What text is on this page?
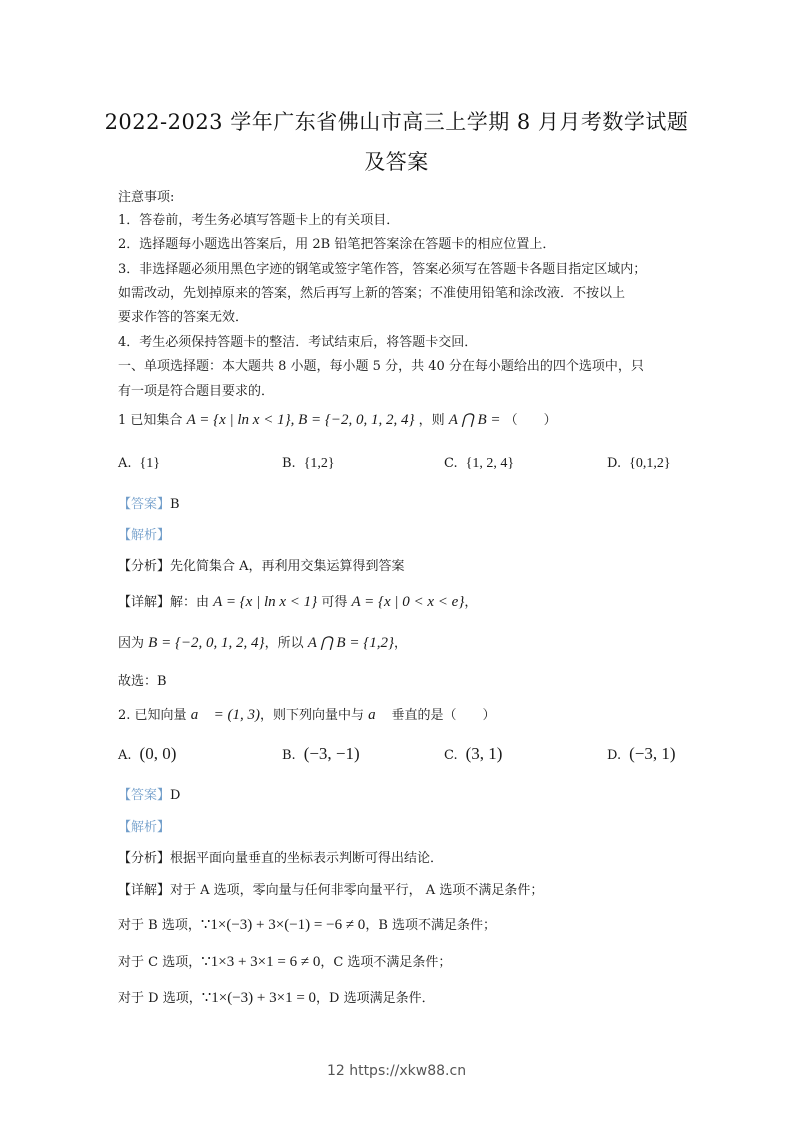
2022-2023 学年广东省佛山市高三上学期 8 月月考数学试题
及答案
注意事项:
1．答卷前，考生务必填写答题卡上的有关项目．
2．选择题每小题选出答案后，用 2B 铅笔把答案涂在答题卡的相应位置上．
3．非选择题必须用黑色字迹的钢笔或签字笔作答，答案必须写在答题卡各题目指定区域内；
如需改动，先划掉原来的答案，然后再写上新的答案；不准使用铅笔和涂改液．不按以上
要求作答的答案无效．
4．考生必须保持答题卡的整洁．考试结束后，将答题卡交回．
一、单项选择题：本大题共 8 小题，每小题 5 分，共 40 分在每小题给出的四个选项中，只
有一项是符合题目要求的．
1 已知集合 A = {x | ln x < 1}, B = {−2, 0, 1, 2, 4} ，则 A ⋂ B = （　　）
A. {1}	B. {1,2}	C. {1, 2, 4}	D. {0,1,2}
【答案】B
【解析】
【分析】先化简集合 A，再利用交集运算得到答案
【详解】解：由 A = {x | ln x < 1} 可得 A = {x | 0 < x < e}，
因为 B = {−2, 0, 1, 2, 4}，所以 A ⋂ B = {1,2}，
故选：B
2. 已知向量 a⃗ = (1, 3)，则下列向量中与 a⃗ 垂直的是（　　）
A. (0, 0)	B. (−3, −1)	C. (3, 1)	D. (−3, 1)
【答案】D
【解析】
【分析】根据平面向量垂直的坐标表示判断可得出结论．
【详解】对于 A 选项，零向量与任何非零向量平行， A 选项不满足条件；
对于 B 选项，∵1×(−3) + 3×(−1) = −6 ≠ 0，B 选项不满足条件；
对于 C 选项，∵1×3 + 3×1 = 6 ≠ 0，C 选项不满足条件；
对于 D 选项，∵1×(−3) + 3×1 = 0，D 选项满足条件．
12 https://xkw88.cn
